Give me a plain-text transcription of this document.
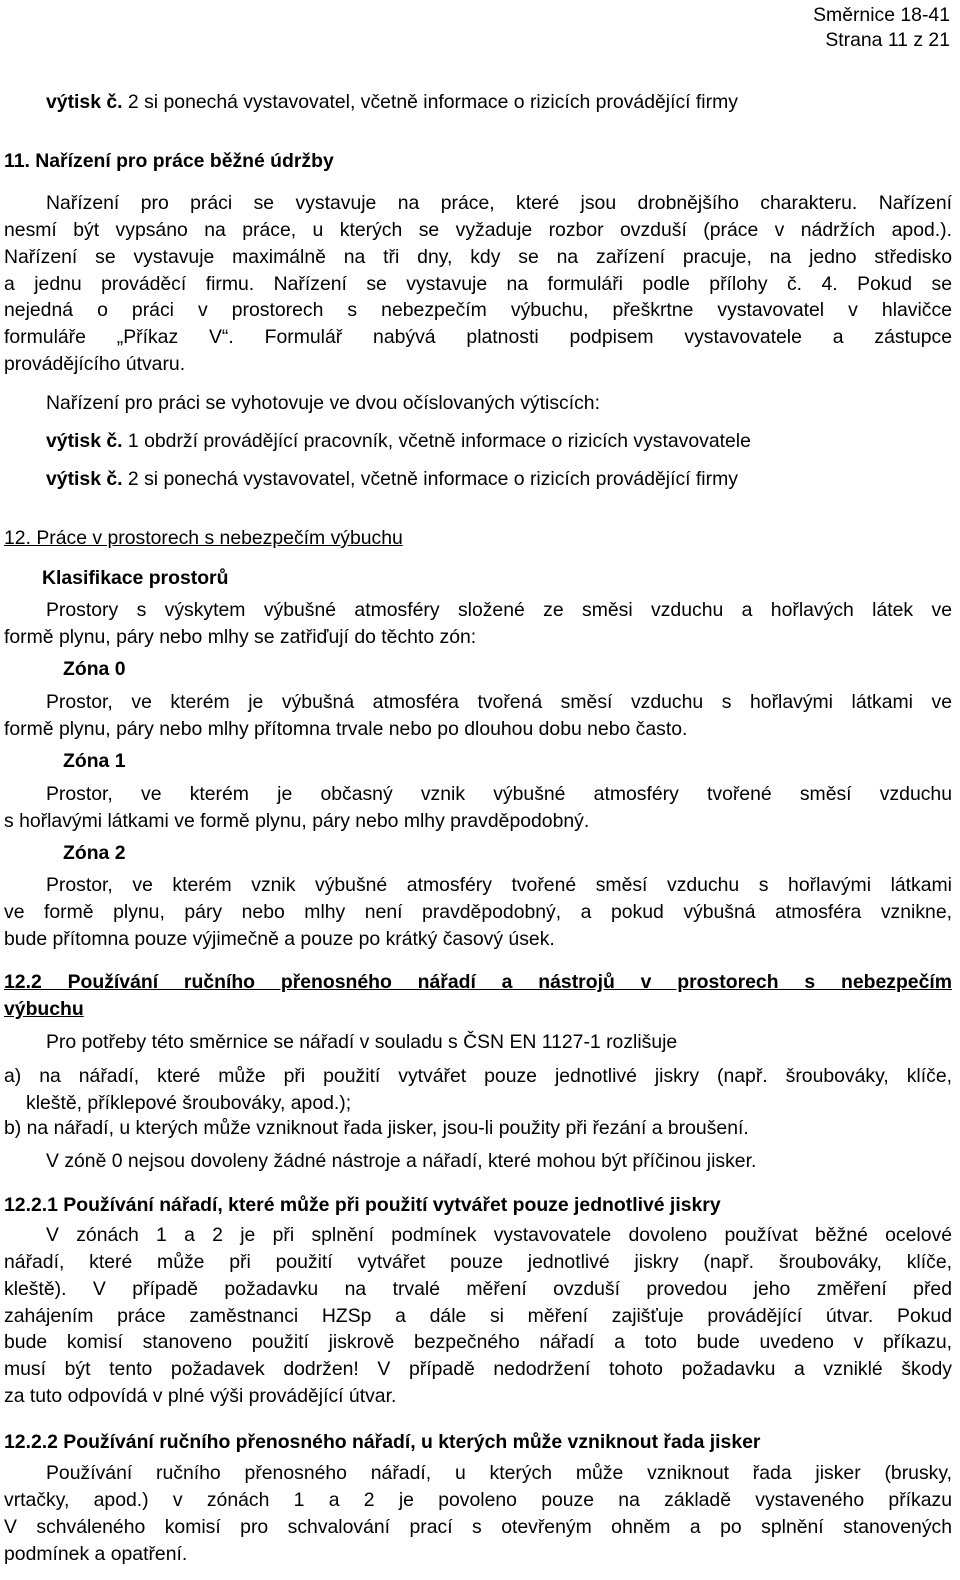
Směrnice 18-41
Strana 11 z 21
výtisk č. 2 si ponechá vystavovatel, včetně informace o rizicích provádějící firmy
11. Nařízení pro práce běžné údržby
Nařízení pro práci se vystavuje na práce, které jsou drobnějšího charakteru. Nařízení
nesmí být vypsáno na práce, u kterých se vyžaduje rozbor ovzduší (práce v nádržích apod.).
Nařízení se vystavuje maximálně na tři dny, kdy se na zařízení pracuje, na jedno středisko
a jednu prováděcí firmu. Nařízení se vystavuje na formuláři podle přílohy č. 4. Pokud se
nejedná o práci v prostorech s nebezpečím výbuchu, přeškrtne vystavovatel v hlavičce
formuláře „Příkaz V“. Formulář nabývá platnosti podpisem vystavovatele a zástupce
provádějícího útvaru.
Nařízení pro práci se vyhotovuje ve dvou očíslovaných výtiscích:
výtisk č. 1 obdrží provádějící pracovník, včetně informace o rizicích vystavovatele
výtisk č. 2 si ponechá vystavovatel, včetně informace o rizicích provádějící firmy
12. Práce v prostorech s nebezpečím výbuchu
Klasifikace prostorů
Prostory s výskytem výbušné atmosféry složené ze směsi vzduchu a hořlavých látek ve
formě plynu, páry nebo mlhy se zatřiďují do těchto zón:
Zóna 0
Prostor, ve kterém je výbušná atmosféra tvořená směsí vzduchu s hořlavými látkami ve
formě plynu, páry nebo mlhy přítomna trvale nebo po dlouhou dobu nebo často.
Zóna 1
Prostor, ve kterém je občasný vznik výbušné atmosféry tvořené směsí vzduchu
s hořlavými látkami ve formě plynu, páry nebo mlhy pravděpodobný.
Zóna 2
Prostor, ve kterém vznik výbušné atmosféry tvořené směsí vzduchu s hořlavými látkami
ve formě plynu, páry nebo mlhy není pravděpodobný, a pokud výbušná atmosféra vznikne,
bude přítomna pouze výjimečně a pouze po krátký časový úsek.
12.2 Používání ručního přenosného nářadí a nástrojů v prostorech s nebezpečím
výbuchu
Pro potřeby této směrnice se nářadí v souladu s ČSN EN 1127-1 rozlišuje
a) na nářadí, které může při použití vytvářet pouze jednotlivé jiskry (např. šroubováky, klíče,
kleště, příklepové šroubováky, apod.);
b) na nářadí, u kterých může vzniknout řada jisker, jsou-li použity při řezání a broušení.
V zóně 0 nejsou dovoleny žádné nástroje a nářadí, které mohou být příčinou jisker.
12.2.1 Používání nářadí, které může při použití vytvářet pouze jednotlivé jiskry
V zónách 1 a 2 je při splnění podmínek vystavovatele dovoleno používat běžné ocelové
nářadí, které může při použití vytvářet pouze jednotlivé jiskry (např. šroubováky, klíče,
kleště). V případě požadavku na trvalé měření ovzduší provedou jeho změření před
zahájením práce zaměstnanci HZSp a dále si měření zajišťuje provádějící útvar. Pokud
bude komisí stanoveno použití jiskrově bezpečného nářadí a toto bude uvedeno v příkazu,
musí být tento požadavek dodržen! V případě nedodržení tohoto požadavku a vzniklé škody
za tuto odpovídá v plné výši provádějící útvar.
12.2.2 Používání ručního přenosného nářadí, u kterých může vzniknout řada jisker
Používání ručního přenosného nářadí, u kterých může vzniknout řada jisker (brusky,
vrtačky, apod.) v zónách 1 a 2 je povoleno pouze na základě vystaveného příkazu
V schváleného komisí pro schvalování prací s otevřeným ohněm a po splnění stanovených
podmínek a opatření.
